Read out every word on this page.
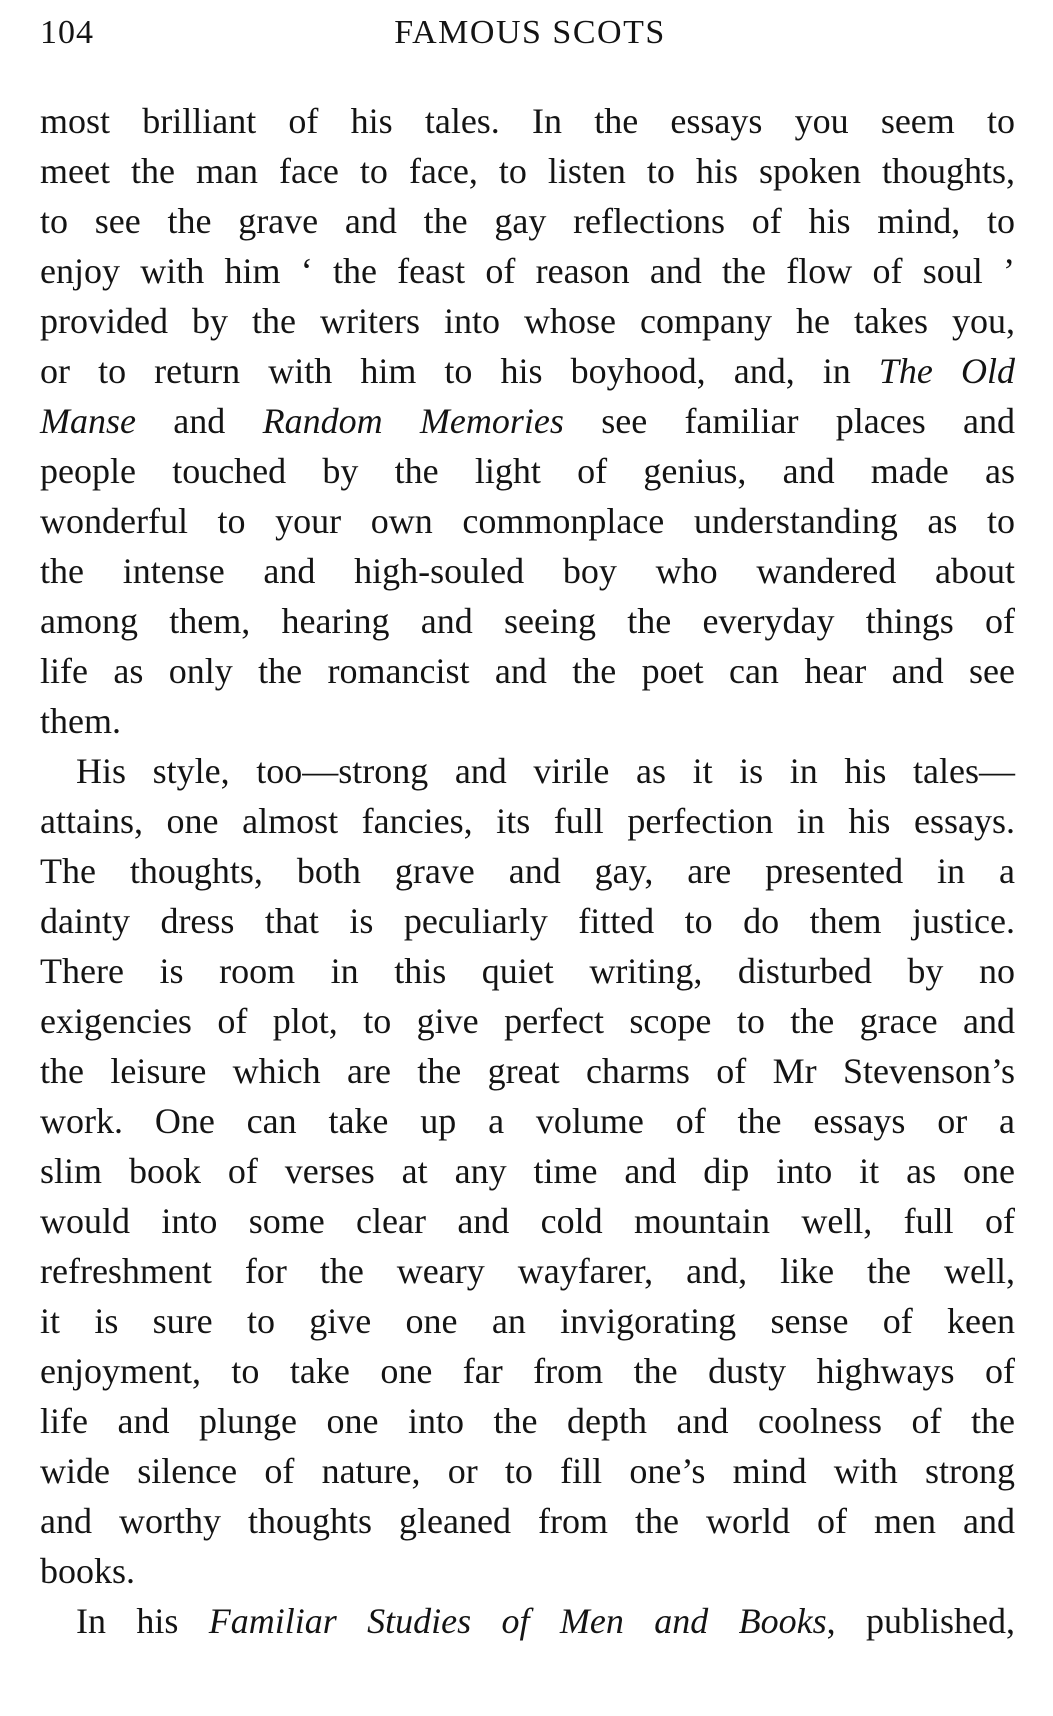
104	FAMOUS SCOTS
most brilliant of his tales. In the essays you seem to
meet the man face to face, to listen to his spoken thoughts,
to see the grave and the gay reflections of his mind, to
enjoy with him ‘ the feast of reason and the flow of soul ’
provided by the writers into whose company he takes you,
or to return with him to his boyhood, and, in The Old
Manse and Random Memories see familiar places and
people touched by the light of genius, and made as
wonderful to your own commonplace understanding as to
the intense and high-souled boy who wandered about
among them, hearing and seeing the everyday things of
life as only the romancist and the poet can hear and see
them.
His style, too—strong and virile as it is in his tales—
attains, one almost fancies, its full perfection in his essays.
The thoughts, both grave and gay, are presented in a
dainty dress that is peculiarly fitted to do them justice.
There is room in this quiet writing, disturbed by no
exigencies of plot, to give perfect scope to the grace and
the leisure which are the great charms of Mr Stevenson’s
work. One can take up a volume of the essays or a
slim book of verses at any time and dip into it as one
would into some clear and cold mountain well, full of
refreshment for the weary wayfarer, and, like the well,
it is sure to give one an invigorating sense of keen
enjoyment, to take one far from the dusty highways of
life and plunge one into the depth and coolness of the
wide silence of nature, or to fill one’s mind with strong
and worthy thoughts gleaned from the world of men and
books.
In his Familiar Studies of Men and Books, published,
